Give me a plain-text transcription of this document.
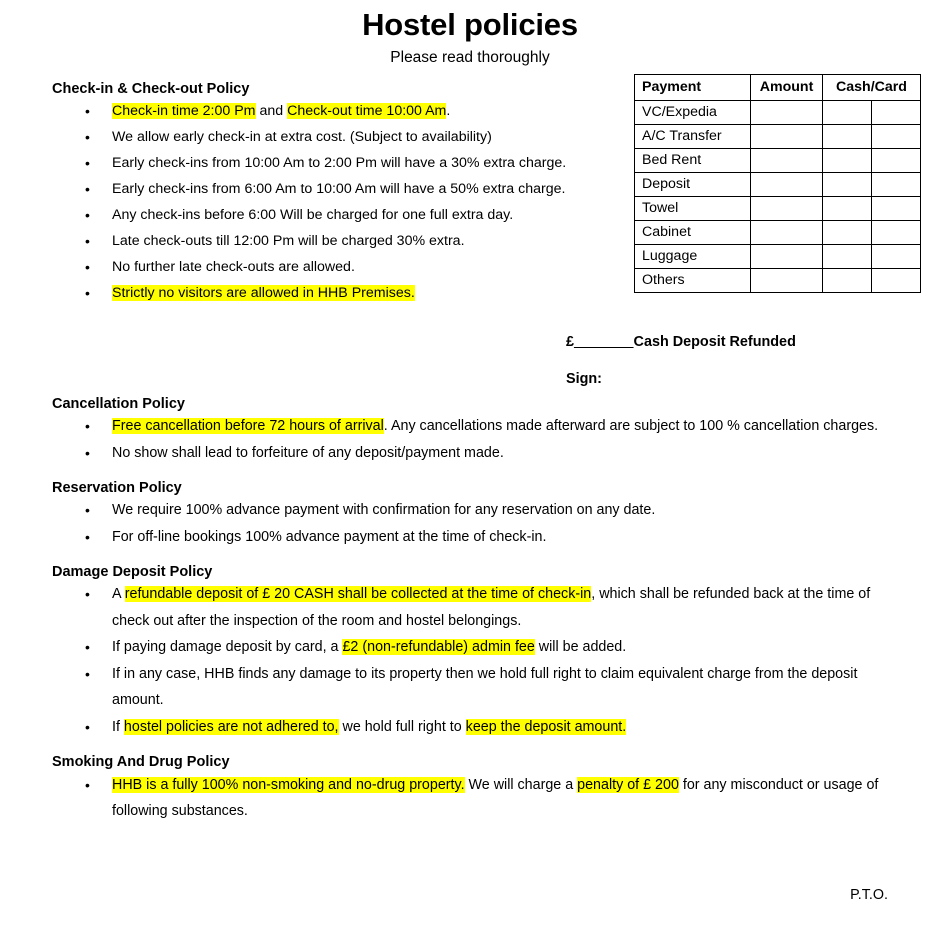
Hostel policies
Please read thoroughly
Check-in & Check-out Policy
• Check-in time 2:00 Pm and Check-out time 10:00 Am.
• We allow early check-in at extra cost. (Subject to availability)
• Early check-ins from 10:00 Am to 2:00 Pm will have a 30% extra charge.
• Early check-ins from 6:00 Am to 10:00 Am will have a 50% extra charge.
• Any check-ins before 6:00 Will be charged for one full extra day.
• Late check-outs till 12:00 Pm will be charged 30% extra.
• No further late check-outs are allowed.
• Strictly no visitors are allowed in HHB Premises.
Payment	Amount	Cash/Card	
VC/Expedia			
A/C Transfer			
Bed Rent			
Deposit			
Towel			
Cabinet			
Luggage			
Others			
£_______Cash Deposit Refunded
Sign:
Cancellation Policy
• Free cancellation before 72 hours of arrival. Any cancellations made afterward are subject to 100 % cancellation charges.
• No show shall lead to forfeiture of any deposit/payment made.
Reservation Policy
• We require 100% advance payment with confirmation for any reservation on any date.
• For off-line bookings 100% advance payment at the time of check-in.
Damage Deposit Policy
• A refundable deposit of £ 20 CASH shall be collected at the time of check-in, which shall be refunded back at the time of check out after the inspection of the room and hostel belongings.
• If paying damage deposit by card, a £2 (non-refundable) admin fee will be added.
• If in any case, HHB finds any damage to its property then we hold full right to claim equivalent charge from the deposit amount.
• If hostel policies are not adhered to, we hold full right to keep the deposit amount.
Smoking And Drug Policy
• HHB is a fully 100% non-smoking and no-drug property. We will charge a penalty of £ 200 for any misconduct or usage of following substances.
P.T.O.
